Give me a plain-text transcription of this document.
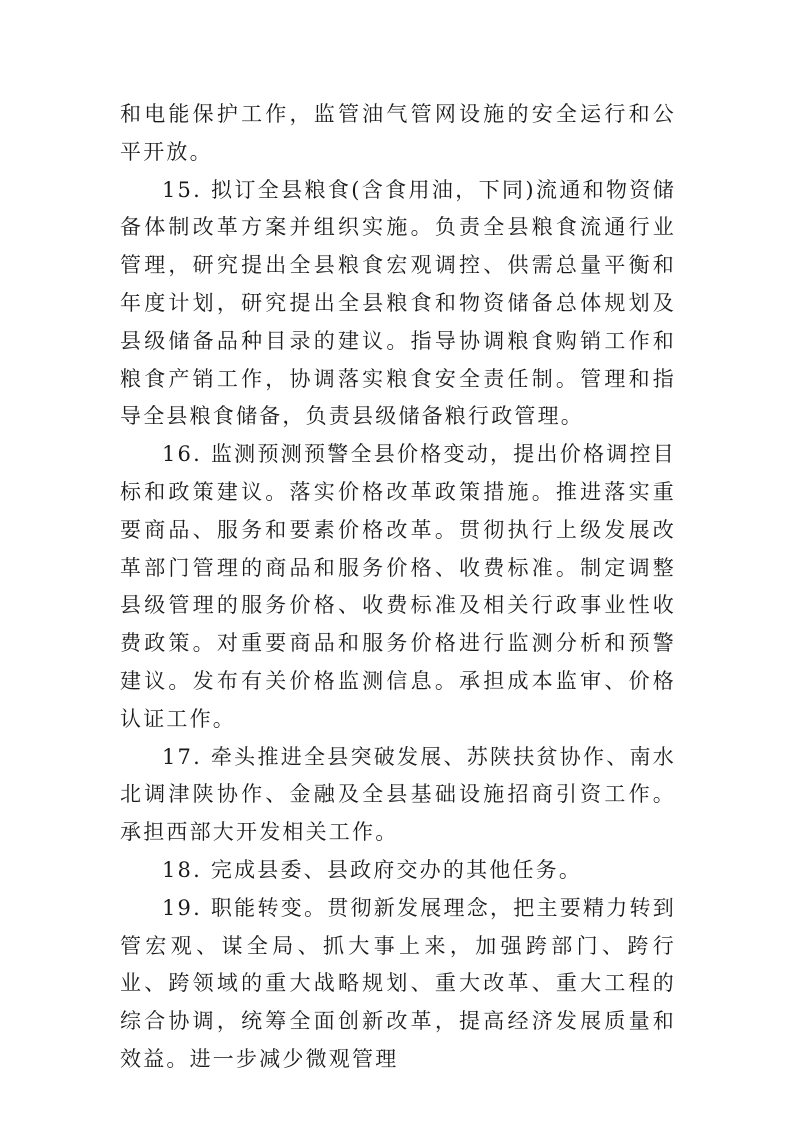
和电能保护工作，监管油气管网设施的安全运行和公平开放。

15. 拟订全县粮食(含食用油，下同)流通和物资储备体制改革方案并组织实施。负责全县粮食流通行业管理，研究提出全县粮食宏观调控、供需总量平衡和年度计划，研究提出全县粮食和物资储备总体规划及县级储备品种目录的建议。指导协调粮食购销工作和粮食产销工作，协调落实粮食安全责任制。管理和指导全县粮食储备，负责县级储备粮行政管理。

16. 监测预测预警全县价格变动，提出价格调控目标和政策建议。落实价格改革政策措施。推进落实重要商品、服务和要素价格改革。贯彻执行上级发展改革部门管理的商品和服务价格、收费标准。制定调整县级管理的服务价格、收费标准及相关行政事业性收费政策。对重要商品和服务价格进行监测分析和预警建议。发布有关价格监测信息。承担成本监审、价格认证工作。

17. 牵头推进全县突破发展、苏陕扶贫协作、南水北调津陕协作、金融及全县基础设施招商引资工作。承担西部大开发相关工作。

18. 完成县委、县政府交办的其他任务。

19. 职能转变。贯彻新发展理念，把主要精力转到管宏观、谋全局、抓大事上来，加强跨部门、跨行业、跨领域的重大战略规划、重大改革、重大工程的综合协调，统筹全面创新改革，提高经济发展质量和效益。进一步减少微观管理
